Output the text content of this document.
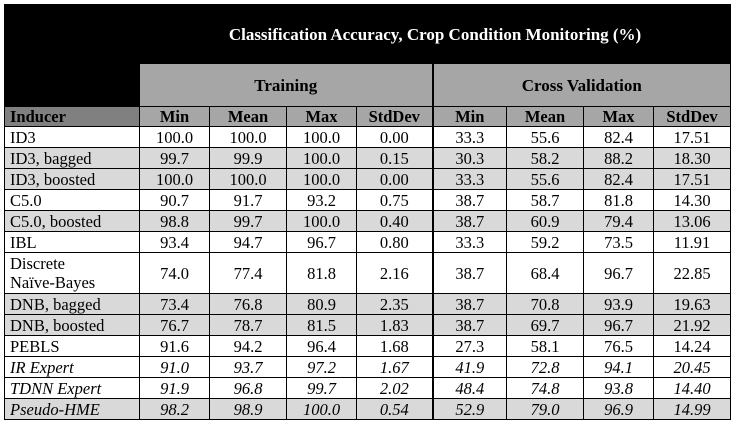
	Classification Accuracy, Crop Condition Monitoring (%)							
	Training				Cross Validation			
Inducer	Min	Mean	Max	StdDev	Min	Mean	Max	StdDev
ID3	100.0	100.0	100.0	0.00	33.3	55.6	82.4	17.51
ID3, bagged	99.7	99.9	100.0	0.15	30.3	58.2	88.2	18.30
ID3, boosted	100.0	100.0	100.0	0.00	33.3	55.6	82.4	17.51
C5.0	90.7	91.7	93.2	0.75	38.7	58.7	81.8	14.30
C5.0, boosted	98.8	99.7	100.0	0.40	38.7	60.9	79.4	13.06
IBL	93.4	94.7	96.7	0.80	33.3	59.2	73.5	11.91
Discrete
Naïve-Bayes	74.0	77.4	81.8	2.16	38.7	68.4	96.7	22.85
DNB, bagged	73.4	76.8	80.9	2.35	38.7	70.8	93.9	19.63
DNB, boosted	76.7	78.7	81.5	1.83	38.7	69.7	96.7	21.92
PEBLS	91.6	94.2	96.4	1.68	27.3	58.1	76.5	14.24
IR Expert	91.0	93.7	97.2	1.67	41.9	72.8	94.1	20.45
TDNN Expert	91.9	96.8	99.7	2.02	48.4	74.8	93.8	14.40
Pseudo-HME	98.2	98.9	100.0	0.54	52.9	79.0	96.9	14.99
